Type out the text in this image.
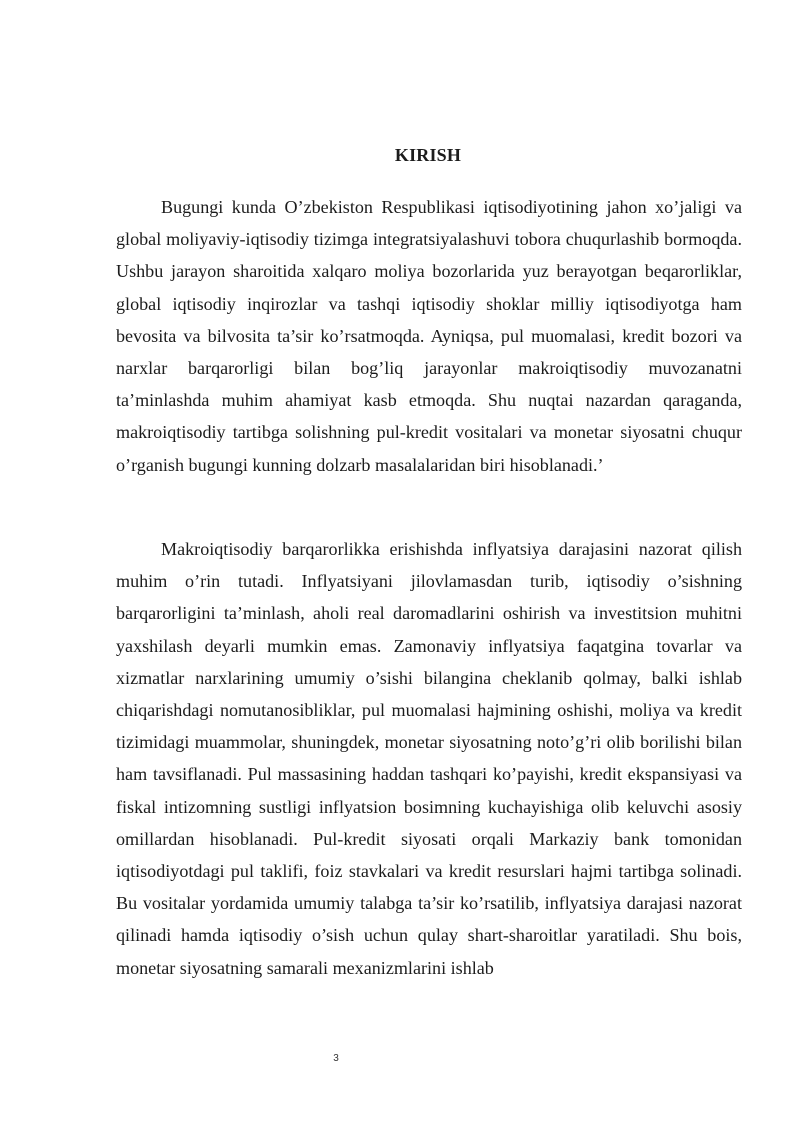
KIRISH

Bugungi kunda O’zbekiston Respublikasi iqtisodiyotining jahon xo’jaligi va global moliyaviy-iqtisodiy tizimga integratsiyalashuvi tobora chuqurlashib bormoqda. Ushbu jarayon sharoitida xalqaro moliya bozorlarida yuz berayotgan beqarorliklar, global iqtisodiy inqirozlar va tashqi iqtisodiy shoklar milliy iqtisodiyotga ham bevosita va bilvosita ta’sir ko’rsatmoqda. Ayniqsa, pul muomalasi, kredit bozori va narxlar barqarorligi bilan bog’liq jarayonlar makroiqtisodiy muvozanatni ta’minlashda muhim ahamiyat kasb etmoqda. Shu nuqtai nazardan qaraganda, makroiqtisodiy tartibga solishning pul-kredit vositalari va monetar siyosatni chuqur o’rganish bugungi kunning dolzarb masalalaridan biri hisoblanadi.’

Makroiqtisodiy barqarorlikka erishishda inflyatsiya darajasini nazorat qilish muhim o’rin tutadi. Inflyatsiyani jilovlamasdan turib, iqtisodiy o’sishning barqarorligini ta’minlash, aholi real daromadlarini oshirish va investitsion muhitni yaxshilash deyarli mumkin emas. Zamonaviy inflyatsiya faqatgina tovarlar va xizmatlar narxlarining umumiy o’sishi bilangina cheklanib qolmay, balki ishlab chiqarishdagi nomutanosibliklar, pul muomalasi hajmining oshishi, moliya va kredit tizimidagi muammolar, shuningdek, monetar siyosatning noto’g’ri olib borilishi bilan ham tavsiflanadi. Pul massasining haddan tashqari ko’payishi, kredit ekspansiyasi va fiskal intizomning sustligi inflyatsion bosimning kuchayishiga olib keluvchi asosiy omillardan hisoblanadi. Pul-kredit siyosati orqali Markaziy bank tomonidan iqtisodiyotdagi pul taklifi, foiz stavkalari va kredit resurslari hajmi tartibga solinadi. Bu vositalar yordamida umumiy talabga ta’sir ko’rsatilib, inflyatsiya darajasi nazorat qilinadi hamda iqtisodiy o’sish uchun qulay shart-sharoitlar yaratiladi. Shu bois, monetar siyosatning samarali mexanizmlarini ishlab

3
